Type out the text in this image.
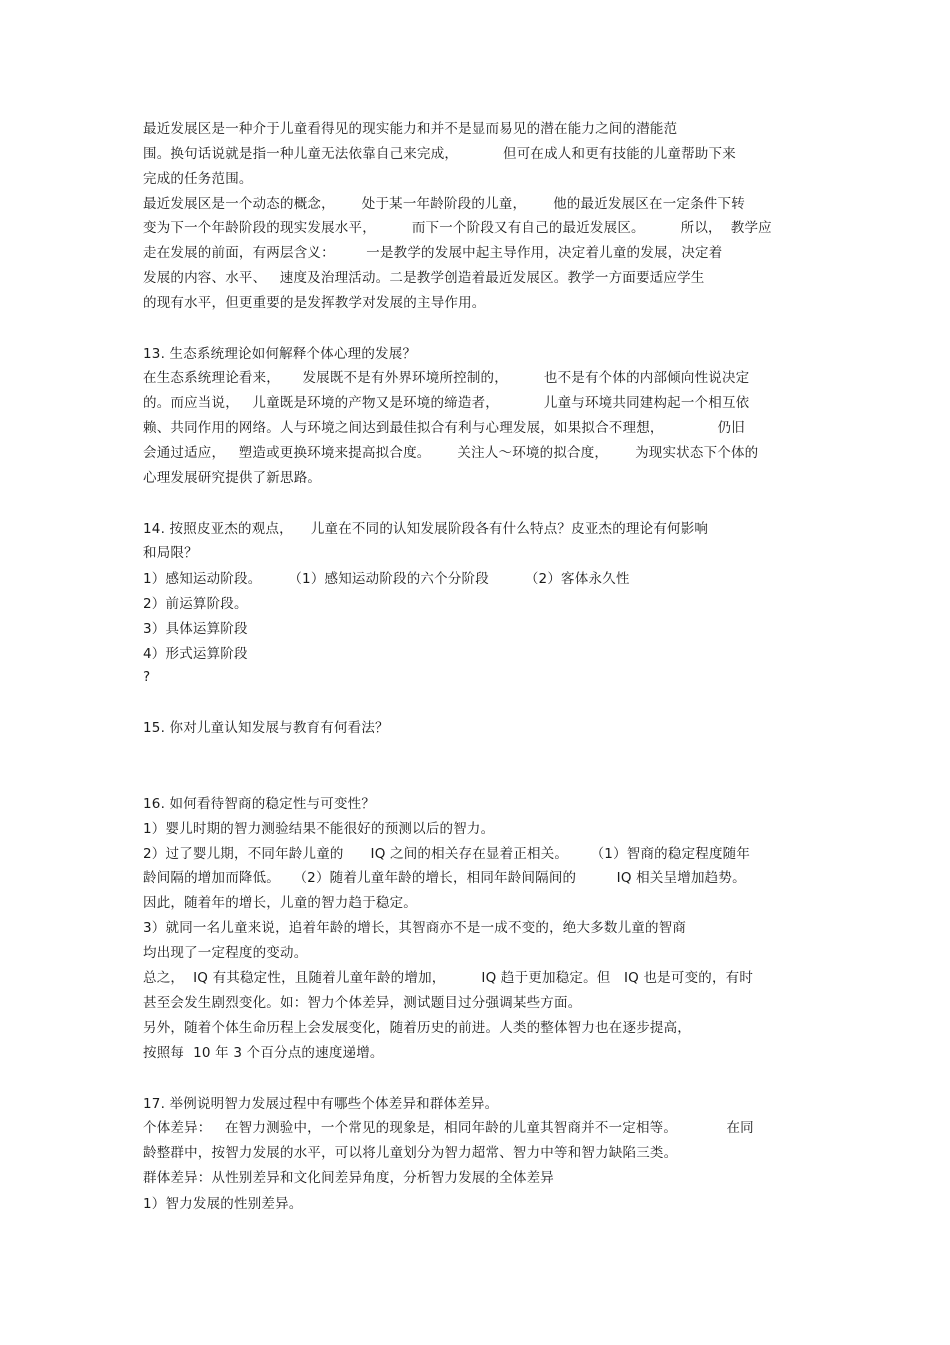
最近发展区是一种介于儿童看得见的现实能力和并不是显而易见的潜在能力之间的潜能范
围。换句话说就是指一种儿童无法依靠自己来完成，          但可在成人和更有技能的儿童帮助下来
完成的任务范围。
最近发展区是一个动态的概念，      处于某一年龄阶段的儿童，      他的最近发展区在一定条件下转
变为下一个年龄阶段的现实发展水平，        而下一个阶段又有自己的最近发展区。        所以，  教学应
走在发展的前面，有两层含义：       一是教学的发展中起主导作用，决定着儿童的发展，决定着
发展的内容、水平、   速度及治理活动。二是教学创造着最近发展区。教学一方面要适应学生
的现有水平，但更重要的是发挥教学对发展的主导作用。
13. 生态系统理论如何解释个体心理的发展？
在生态系统理论看来，     发展既不是有外界环境所控制的，        也不是有个体的内部倾向性说决定
的。而应当说，   儿童既是环境的产物又是环境的缔造者，          儿童与环境共同建构起一个相互依
赖、共同作用的网络。人与环境之间达到最佳拟合有利与心理发展，如果拟合不理想，            仍旧
会通过适应，   塑造或更换环境来提高拟合度。      关注人～环境的拟合度，      为现实状态下个体的
心理发展研究提供了新思路。
14. 按照皮亚杰的观点，    儿童在不同的认知发展阶段各有什么特点？皮亚杰的理论有何影响
和局限？
1）感知运动阶段。      （1）感知运动阶段的六个分阶段        （2）客体永久性
2）前运算阶段。
3）具体运算阶段
4）形式运算阶段
?
15. 你对儿童认知发展与教育有何看法？
16. 如何看待智商的稳定性与可变性？
1）婴儿时期的智力测验结果不能很好的预测以后的智力。
2）过了婴儿期，不同年龄儿童的      IQ 之间的相关存在显着正相关。     （1）智商的稳定程度随年
龄间隔的增加而降低。   （2）随着儿童年龄的增长，相同年龄间隔间的         IQ 相关呈增加趋势。
因此，随着年的增长，儿童的智力趋于稳定。
3）就同一名儿童来说，追着年龄的增长，其智商亦不是一成不变的，绝大多数儿童的智商
均出现了一定程度的变动。
总之，  IQ 有其稳定性，且随着儿童年龄的增加，        IQ 趋于更加稳定。但   IQ 也是可变的，有时
甚至会发生剧烈变化。如：智力个体差异，测试题目过分强调某些方面。
另外，随着个体生命历程上会发展变化，随着历史的前进。人类的整体智力也在逐步提高，
按照每  10 年 3 个百分点的速度递增。
17. 举例说明智力发展过程中有哪些个体差异和群体差异。
个体差异：   在智力测验中，一个常见的现象是，相同年龄的儿童其智商并不一定相等。           在同
龄整群中，按智力发展的水平，可以将儿童划分为智力超常、智力中等和智力缺陷三类。
群体差异：从性别差异和文化间差异角度，分析智力发展的全体差异
1）智力发展的性别差异。
